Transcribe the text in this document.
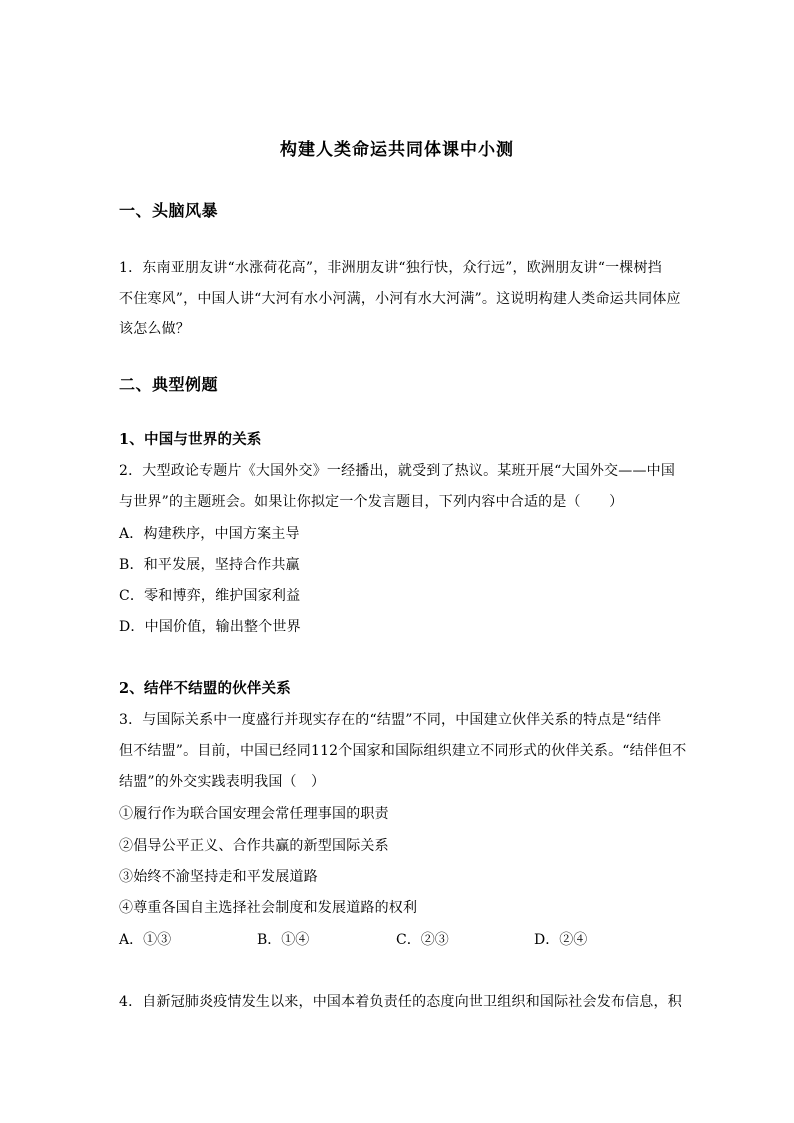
构建人类命运共同体课中小测
一、头脑风暴
1．东南亚朋友讲“水涨荷花高”，非洲朋友讲“独行快，众行远”，欧洲朋友讲“一棵树挡
不住寒风”，中国人讲“大河有水小河满，小河有水大河满”。这说明构建人类命运共同体应
该怎么做？
二、典型例题
1、中国与世界的关系
2．大型政论专题片《大国外交》一经播出，就受到了热议。某班开展“大国外交——中国
与世界”的主题班会。如果让你拟定一个发言题目，下列内容中合适的是（　　）
A．构建秩序，中国方案主导
B．和平发展，坚持合作共赢
C．零和博弈，维护国家利益
D．中国价值，输出整个世界
2、结伴不结盟的伙伴关系
3．与国际关系中一度盛行并现实存在的“结盟”不同，中国建立伙伴关系的特点是“结伴
但不结盟”。目前，中国已经同112个国家和国际组织建立不同形式的伙伴关系。“结伴但不
结盟”的外交实践表明我国（　）
①履行作为联合国安理会常任理事国的职责
②倡导公平正义、合作共赢的新型国际关系
③始终不渝坚持走和平发展道路
④尊重各国自主选择社会制度和发展道路的权利
A．①③	B．①④	C．②③	D．②④
4．自新冠肺炎疫情发生以来，中国本着负责任的态度向世卫组织和国际社会发布信息，积
